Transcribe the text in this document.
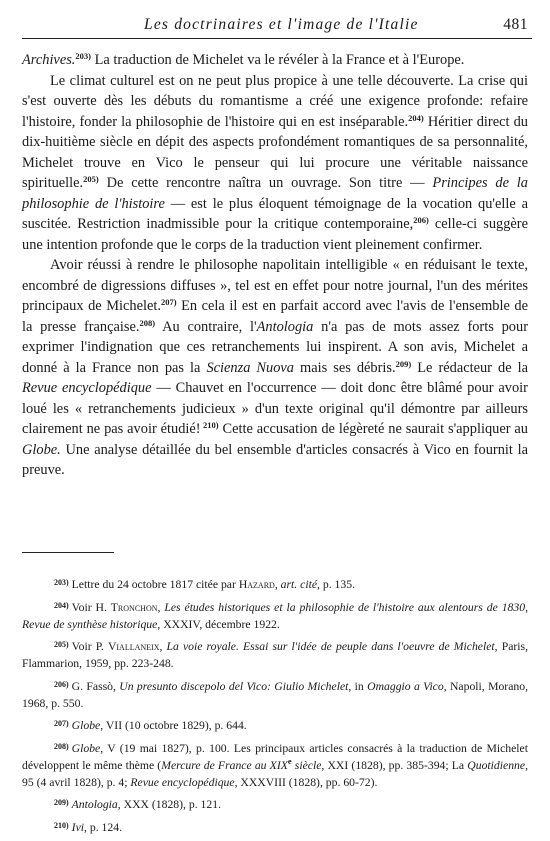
Les doctrinaires et l'image de l'Italie	481

Archives.$^{203)}$ La traduction de Michelet va le révéler à la France et à l'Europe.

Le climat culturel est on ne peut plus propice à une telle découverte. La crise qui s'est ouverte dès les débuts du romantisme a créé une exigence profonde: refaire l'histoire, fonder la philosophie de l'histoire qui en est inséparable.$^{204)}$ Héritier direct du dix-huitième siècle en dépit des aspects profondément romantiques de sa personnalité, Michelet trouve en Vico le penseur qui lui procure une véritable naissance spirituelle.$^{205)}$ De cette rencontre naîtra un ouvrage. Son titre — Principes de la philosophie de l'histoire — est le plus éloquent témoignage de la vocation qu'elle a suscitée. Restriction inadmissible pour la critique contemporaine,$^{206)}$ celle-ci suggère une intention profonde que le corps de la traduction vient pleinement confirmer.

Avoir réussi à rendre le philosophe napolitain intelligible « en réduisant le texte, encombré de digressions diffuses », tel est en effet pour notre journal, l'un des mérites principaux de Michelet.$^{207)}$ En cela il est en parfait accord avec l'avis de l'ensemble de la presse française.$^{208)}$ Au contraire, l'Antologia n'a pas de mots assez forts pour exprimer l'indignation que ces retranchements lui inspirent. A son avis, Michelet a donné à la France non pas la Scienza Nuova mais ses débris.$^{209)}$ Le rédacteur de la Revue encyclopédique — Chauvet en l'occurrence — doit donc être blâmé pour avoir loué les « retranchements judicieux » d'un texte original qu'il démontre par ailleurs clairement ne pas avoir étudié! $^{210)}$ Cette accusation de légèreté ne saurait s'appliquer au Globe. Une analyse détaillée du bel ensemble d'articles consacrés à Vico en fournit la preuve.

$^{203)}$ Lettre du 24 octobre 1817 citée par Hazard, art. cité, p. 135.

$^{204)}$ Voir H. Tronchon, Les études historiques et la philosophie de l'histoire aux alentours de 1830, Revue de synthèse historique, XXXIV, décembre 1922.

$^{205)}$ Voir P. Viallaneix, La voie royale. Essai sur l'idée de peuple dans l'oeuvre de Michelet, Paris, Flammarion, 1959, pp. 223-248.

$^{206)}$ G. Fassò, Un presunto discepolo del Vico: Giulio Michelet, in Omaggio a Vico, Napoli, Morano, 1968, p. 550.

$^{207)}$ Globe, VII (10 octobre 1829), p. 644.

$^{208)}$ Globe, V (19 mai 1827), p. 100. Les principaux articles consacrés à la traduction de Michelet développent le même thème (Mercure de France au XIXe siècle, XXI (1828), pp. 385-394; La Quotidienne, 95 (4 avril 1828), p. 4; Revue encyclopédique, XXXVIII (1828), pp. 60-72).

$^{209)}$ Antologia, XXX (1828), p. 121.

$^{210)}$ Ivi, p. 124.
